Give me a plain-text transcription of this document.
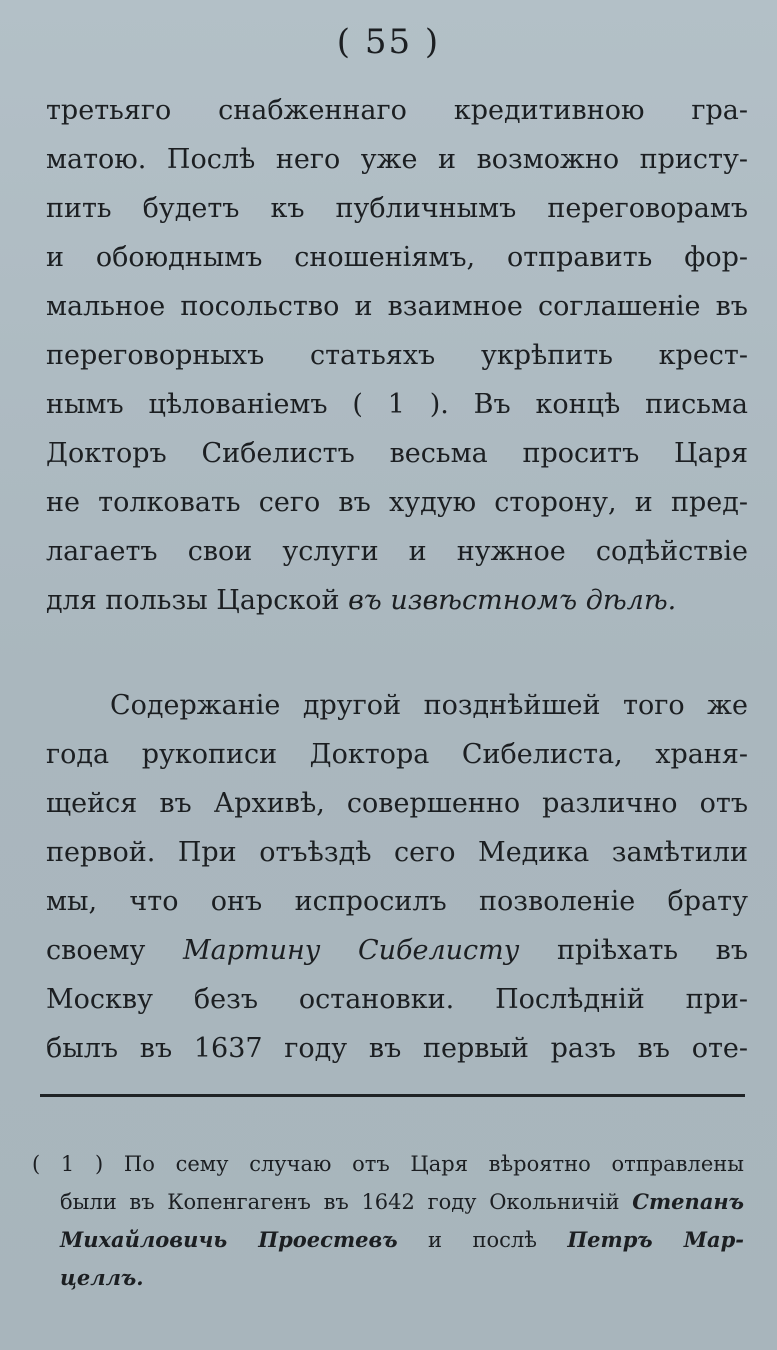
( 55 )
третьяго снабженнаго кредитивною гра-
матою. Послѣ него уже и возможно присту-
пить будетъ къ публичнымъ переговорамъ
и обоюднымъ сношеніямъ, отправить фор-
мальное посольство и взаимное соглашеніе въ
переговорныхъ статьяхъ укрѣпить крест-
нымъ цѣлованіемъ ( 1 ). Въ концѣ письма
Докторъ Сибелистъ весьма проситъ Царя
не толковать сего въ худую сторону, и пред-
лагаетъ свои услуги и нужное содѣйствіе
для пользы Царской въ извѣстномъ дѣлѣ.
Содержаніе другой позднѣйшей того же
года рукописи Доктора Сибелиста, храня-
щейся въ Архивѣ, совершенно различно отъ
первой. При отъѣздѣ сего Медика замѣтили
мы, что онъ испросилъ позволеніе брату
своему Мартину Сибелисту пріѣхать въ
Москву безъ остановки. Послѣдній при-
былъ въ 1637 году въ первый разъ въ оте-
( 1 ) По сему случаю отъ Царя вѣроятно отправлены
были въ Копенгагенъ въ 1642 году Окольничій Степанъ
Михайловичь Проестевъ и послѣ Петръ Мар-
целлъ.
